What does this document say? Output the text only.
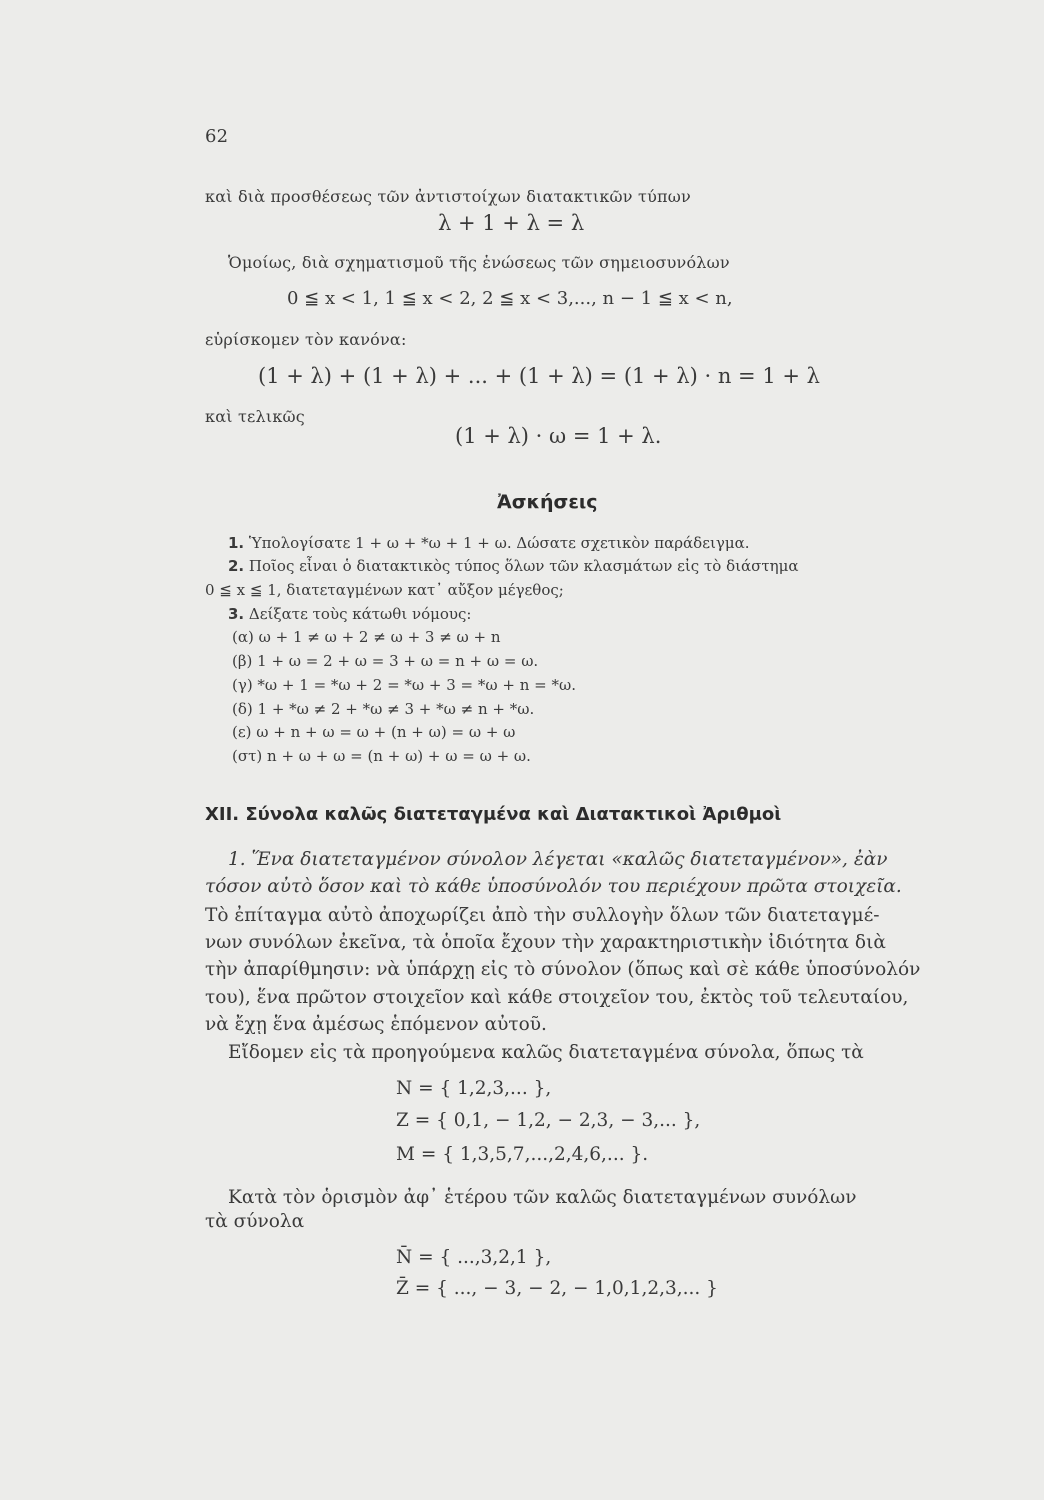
62
καὶ διὰ προσθέσεως τῶν ἀντιστοίχων διατακτικῶν τύπων
λ + 1 + λ = λ
Ὁμοίως, διὰ σχηματισμοῦ τῆς ἑνώσεως τῶν σημειοσυνόλων
0 ≦ x < 1, 1 ≦ x < 2, 2 ≦ x < 3,..., n − 1 ≦ x < n,
εὑρίσκομεν τὸν κανόνα:
(1 + λ) + (1 + λ) + ... + (1 + λ) = (1 + λ) · n = 1 + λ
καὶ τελικῶς
(1 + λ) · ω = 1 + λ.
Ἀσκήσεις
1. Ὑπολογίσατε 1 + ω + *ω + 1 + ω. Δώσατε σχετικὸν παράδειγμα.
2. Ποῖος εἶναι ὁ διατακτικὸς τύπος ὅλων τῶν κλασμάτων εἰς τὸ διάστημα
0 ≦ x ≦ 1, διατεταγμένων κατ᾽ αὔξον μέγεθος;
3. Δείξατε τοὺς κάτωθι νόμους:
(α) ω + 1 ≠ ω + 2 ≠ ω + 3 ≠ ω + n
(β) 1 + ω = 2 + ω = 3 + ω = n + ω = ω.
(γ) *ω + 1 = *ω + 2 = *ω + 3 = *ω + n = *ω.
(δ) 1 + *ω ≠ 2 + *ω ≠ 3 + *ω ≠ n + *ω.
(ε) ω + n + ω = ω + (n + ω) = ω + ω
(στ) n + ω + ω = (n + ω) + ω = ω + ω.
XII. Σύνολα καλῶς διατεταγμένα καὶ Διατακτικοὶ Ἀριθμοὶ
1. Ἕνα διατεταγμένον σύνολον λέγεται «καλῶς διατεταγμένον», ἐὰν
τόσον αὐτὸ ὅσον καὶ τὸ κάθε ὑποσύνολόν του περιέχουν πρῶτα στοιχεῖα.
Τὸ ἐπίταγμα αὐτὸ ἀποχωρίζει ἀπὸ τὴν συλλογὴν ὅλων τῶν διατεταγμέ-
νων συνόλων ἐκεῖνα, τὰ ὁποῖα ἔχουν τὴν χαρακτηριστικὴν ἰδιότητα διὰ
τὴν ἀπαρίθμησιν: νὰ ὑπάρχῃ εἰς τὸ σύνολον (ὅπως καὶ σὲ κάθε ὑποσύνολόν
του), ἕνα πρῶτον στοιχεῖον καὶ κάθε στοιχεῖον του, ἐκτὸς τοῦ τελευταίου,
νὰ ἔχῃ ἕνα ἀμέσως ἑπόμενον αὐτοῦ.
Εἴδομεν εἰς τὰ προηγούμενα καλῶς διατεταγμένα σύνολα, ὅπως τὰ
N = { 1,2,3,... },
Z = { 0,1, − 1,2, − 2,3, − 3,... },
M = { 1,3,5,7,...,2,4,6,... }.
Κατὰ τὸν ὁρισμὸν ἀφ᾽ ἑτέρου τῶν καλῶς διατεταγμένων συνόλων
τὰ σύνολα
N̄ = { ...,3,2,1 },
Z̄ = { ..., − 3, − 2, − 1,0,1,2,3,... }
